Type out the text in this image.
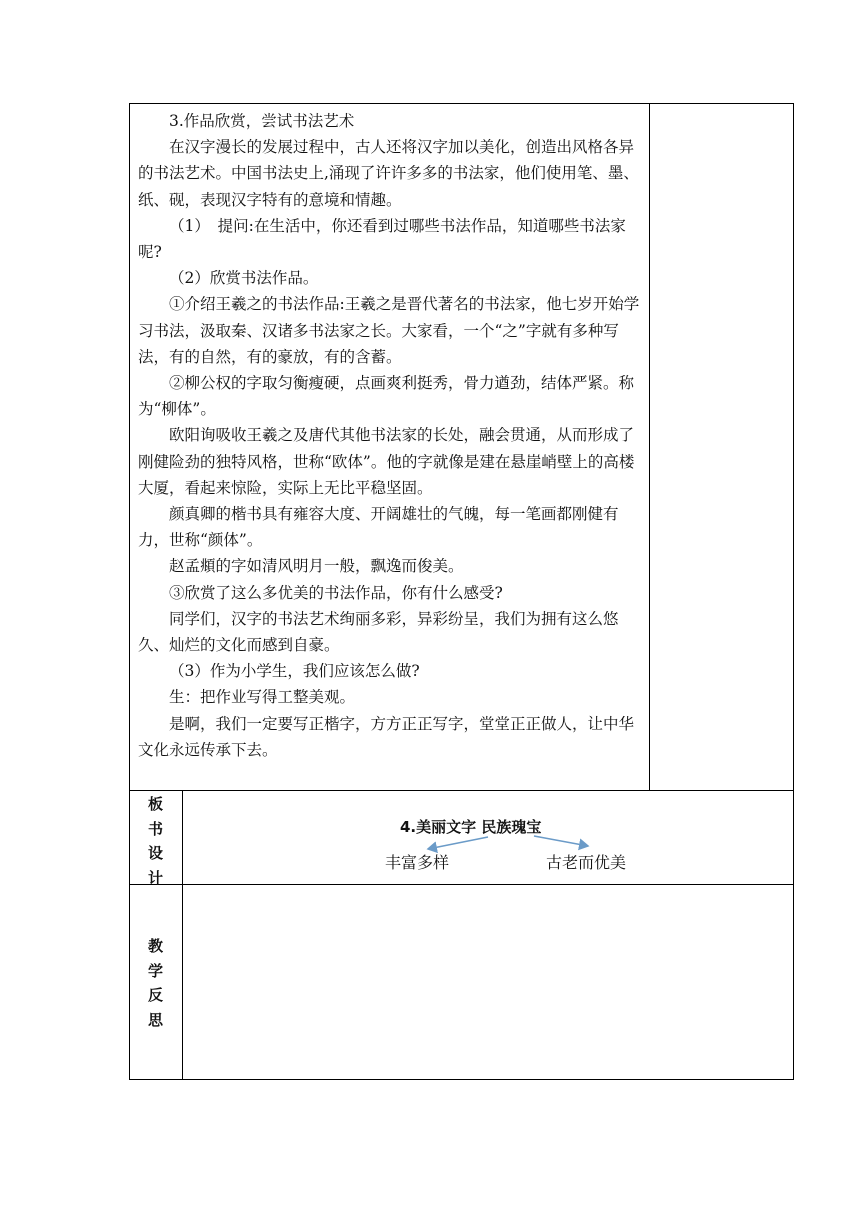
3.作品欣赏，尝试书法艺术

在汉字漫长的发展过程中，古人还将汉字加以美化，创造出风格各异的书法艺术。中国书法史上,涌现了许许多多的书法家，他们使用笔、墨、纸、砚，表现汉字特有的意境和情趣。

（1）　提问:在生活中，你还看到过哪些书法作品，知道哪些书法家呢?

（2）欣赏书法作品。

①介绍王羲之的书法作品:王羲之是晋代著名的书法家，他七岁开始学习书法，汲取秦、汉诸多书法家之长。大家看，一个“之”字就有多种写法，有的自然，有的豪放，有的含蓄。

②柳公权的字取匀衡瘦硬，点画爽利挺秀，骨力遒劲，结体严紧。称为“柳体”。

欧阳询吸收王羲之及唐代其他书法家的长处，融会贯通，从而形成了刚健险劲的独特风格，世称“欧体”。他的字就像是建在悬崖峭壁上的高楼大厦，看起来惊险，实际上无比平稳坚固。

颜真卿的楷书具有雍容大度、开阔雄壮的气魄，每一笔画都刚健有力，世称“颜体”。

赵孟頫的字如清风明月一般，飘逸而俊美。

③欣赏了这么多优美的书法作品，你有什么感受?

同学们，汉字的书法艺术绚丽多彩，异彩纷呈，我们为拥有这么悠久、灿烂的文化而感到自豪。

（3）作为小学生，我们应该怎么做?

生：把作业写得工整美观。

是啊，我们一定要写正楷字，方方正正写字，堂堂正正做人，让中华文化永远传承下去。

板
书
设
计
4.美丽文字 民族瑰宝
丰富多样	古老而优美
教
学
反
思
